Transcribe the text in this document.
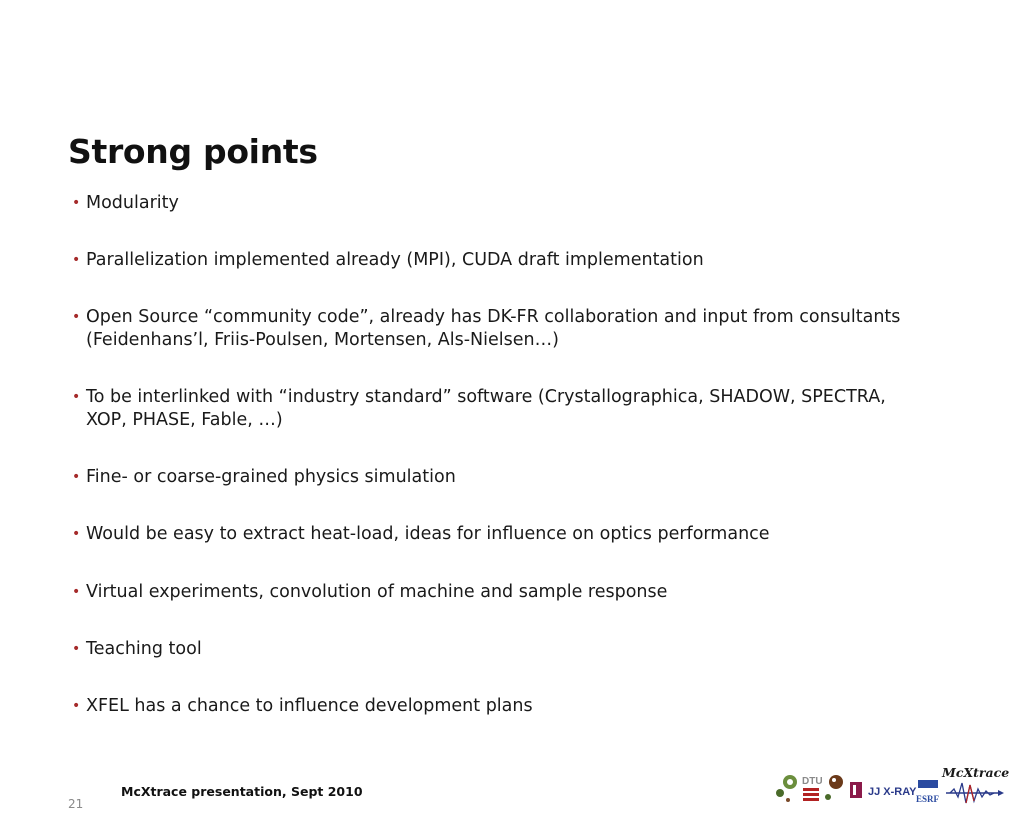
Strong points
• Modularity
• Parallelization implemented already (MPI), CUDA draft implementation
• Open Source “community code”, already has DK-FR collaboration and input from consultants (Feidenhans’l, Friis-Poulsen, Mortensen, Als-Nielsen…)
• To be interlinked with “industry standard” software (Crystallographica, SHADOW, SPECTRA, XOP, PHASE, Fable, …)
• Fine- or coarse-grained physics simulation
• Would be easy to extract heat-load, ideas for influence on optics performance
• Virtual experiments, convolution of machine and sample response
• Teaching tool
• XFEL has a chance to influence development plans
McXtrace presentation, Sept 2010
21
DTU
JJ X-RAY
ESRF
McXtrace
